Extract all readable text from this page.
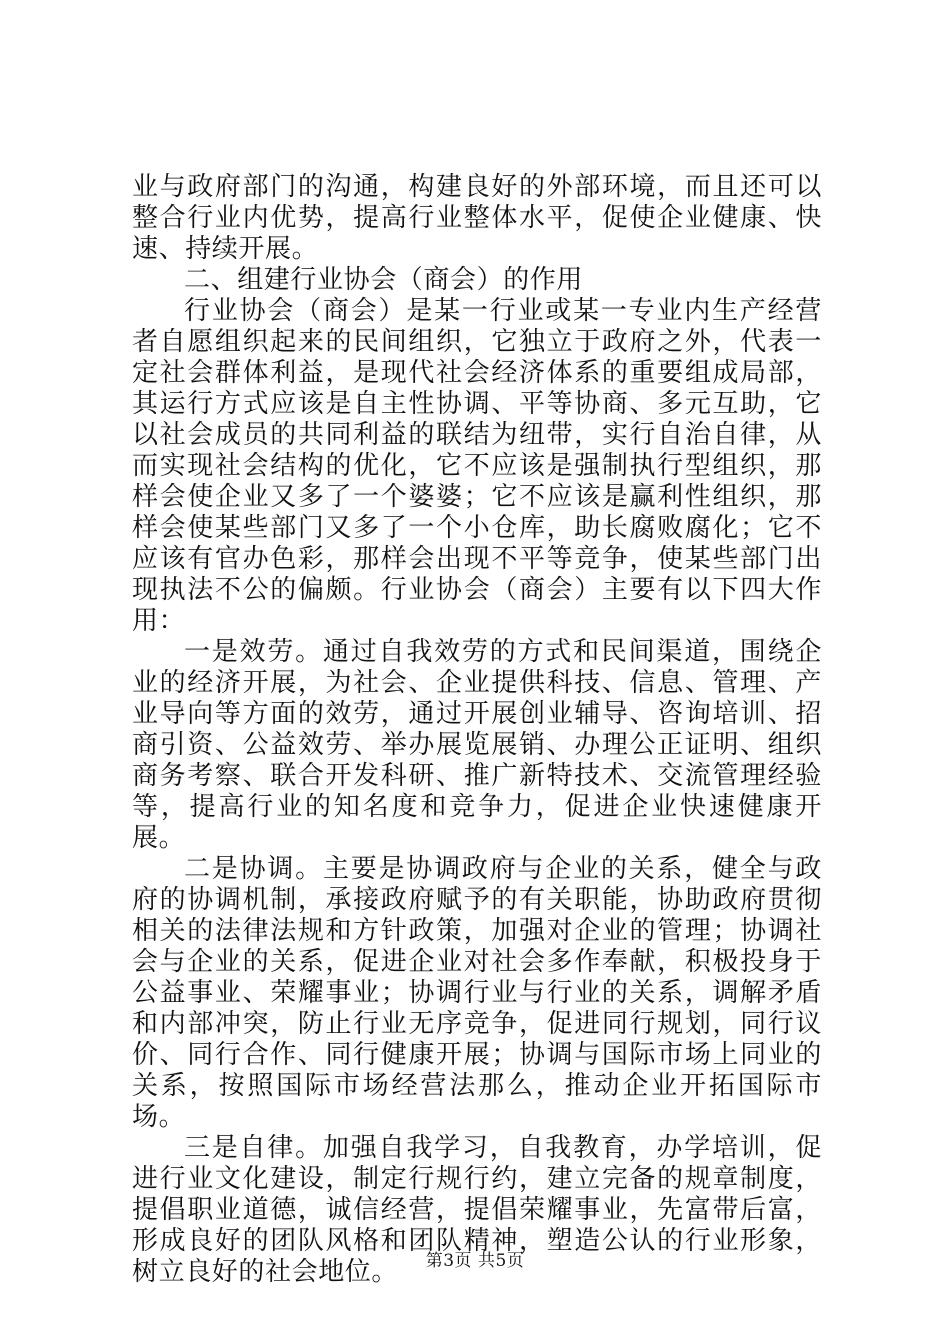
业与政府部门的沟通，构建良好的外部环境，而且还可以整合行业内优势，提高行业整体水平，促使企业健康、快速、持续开展。

二、组建行业协会（商会）的作用

行业协会（商会）是某一行业或某一专业内生产经营者自愿组织起来的民间组织，它独立于政府之外，代表一定社会群体利益，是现代社会经济体系的重要组成局部，其运行方式应该是自主性协调、平等协商、多元互助，它以社会成员的共同利益的联结为纽带，实行自治自律，从而实现社会结构的优化，它不应该是强制执行型组织，那样会使企业又多了一个婆婆；它不应该是赢利性组织，那样会使某些部门又多了一个小仓库，助长腐败腐化；它不应该有官办色彩，那样会出现不平等竞争，使某些部门出现执法不公的偏颇。行业协会（商会）主要有以下四大作用：

一是效劳。通过自我效劳的方式和民间渠道，围绕企业的经济开展，为社会、企业提供科技、信息、管理、产业导向等方面的效劳，通过开展创业辅导、咨询培训、招商引资、公益效劳、举办展览展销、办理公正证明、组织商务考察、联合开发科研、推广新特技术、交流管理经验等，提高行业的知名度和竞争力，促进企业快速健康开展。

二是协调。主要是协调政府与企业的关系，健全与政府的协调机制，承接政府赋予的有关职能，协助政府贯彻相关的法律法规和方针政策，加强对企业的管理；协调社会与企业的关系，促进企业对社会多作奉献，积极投身于公益事业、荣耀事业；协调行业与行业的关系，调解矛盾和内部冲突，防止行业无序竞争，促进同行规划，同行议价、同行合作、同行健康开展；协调与国际市场上同业的关系，按照国际市场经营法那么，推动企业开拓国际市场。

三是自律。加强自我学习，自我教育，办学培训，促进行业文化建设，制定行规行约，建立完备的规章制度，提倡职业道德，诚信经营，提倡荣耀事业，先富带后富，形成良好的团队风格和团队精神，塑造公认的行业形象，树立良好的社会地位。	第3页 共5页
